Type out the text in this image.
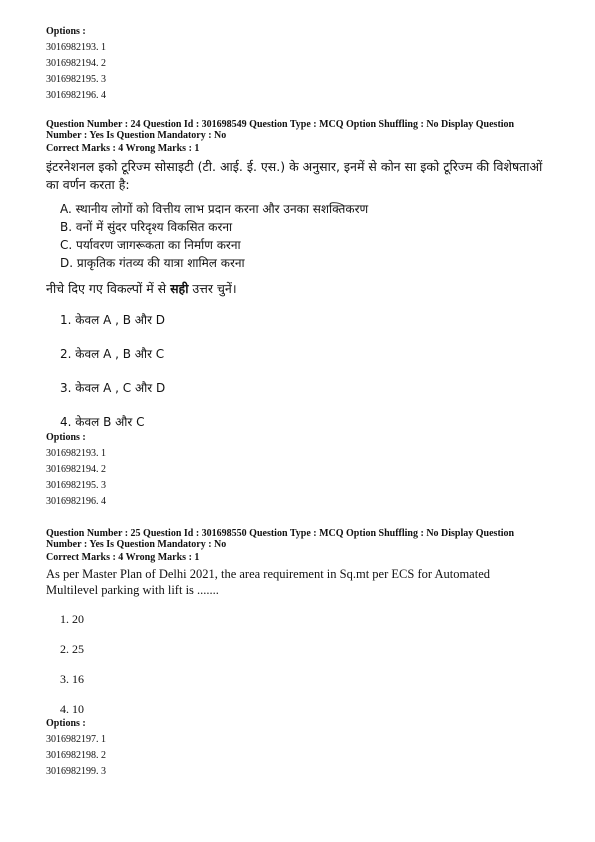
Options :
3016982193. 1
3016982194. 2
3016982195. 3
3016982196. 4
Question Number : 24 Question Id : 301698549 Question Type : MCQ Option Shuffling : No Display Question
Number : Yes Is Question Mandatory : No
Correct Marks : 4 Wrong Marks : 1
इंटरनेशनल इको टूरिज्म सोसाइटी (टी. आई. ई. एस.) के अनुसार, इनमें से कोन सा इको टूरिज्म की विशेषताओं का वर्णन करता है:
A. स्थानीय लोगों को वित्तीय लाभ प्रदान करना और उनका सशक्तिकरण
B. वनों में सुंदर परिदृश्य विकसित करना
C. पर्यावरण जागरूकता का निर्माण करना
D. प्राकृतिक गंतव्य की यात्रा शामिल करना
नीचे दिए गए विकल्पों में से सही उत्तर चुनें।
1. केवल A , B और D
2. केवल A , B और C
3. केवल A , C और D
4. केवल B और C
Options :
3016982193. 1
3016982194. 2
3016982195. 3
3016982196. 4
Question Number : 25 Question Id : 301698550 Question Type : MCQ Option Shuffling : No Display Question
Number : Yes Is Question Mandatory : No
Correct Marks : 4 Wrong Marks : 1
As per Master Plan of Delhi 2021, the area requirement in Sq.mt per ECS for Automated Multilevel parking with lift is .......
1. 20
2. 25
3. 16
4. 10
Options :
3016982197. 1
3016982198. 2
3016982199. 3
